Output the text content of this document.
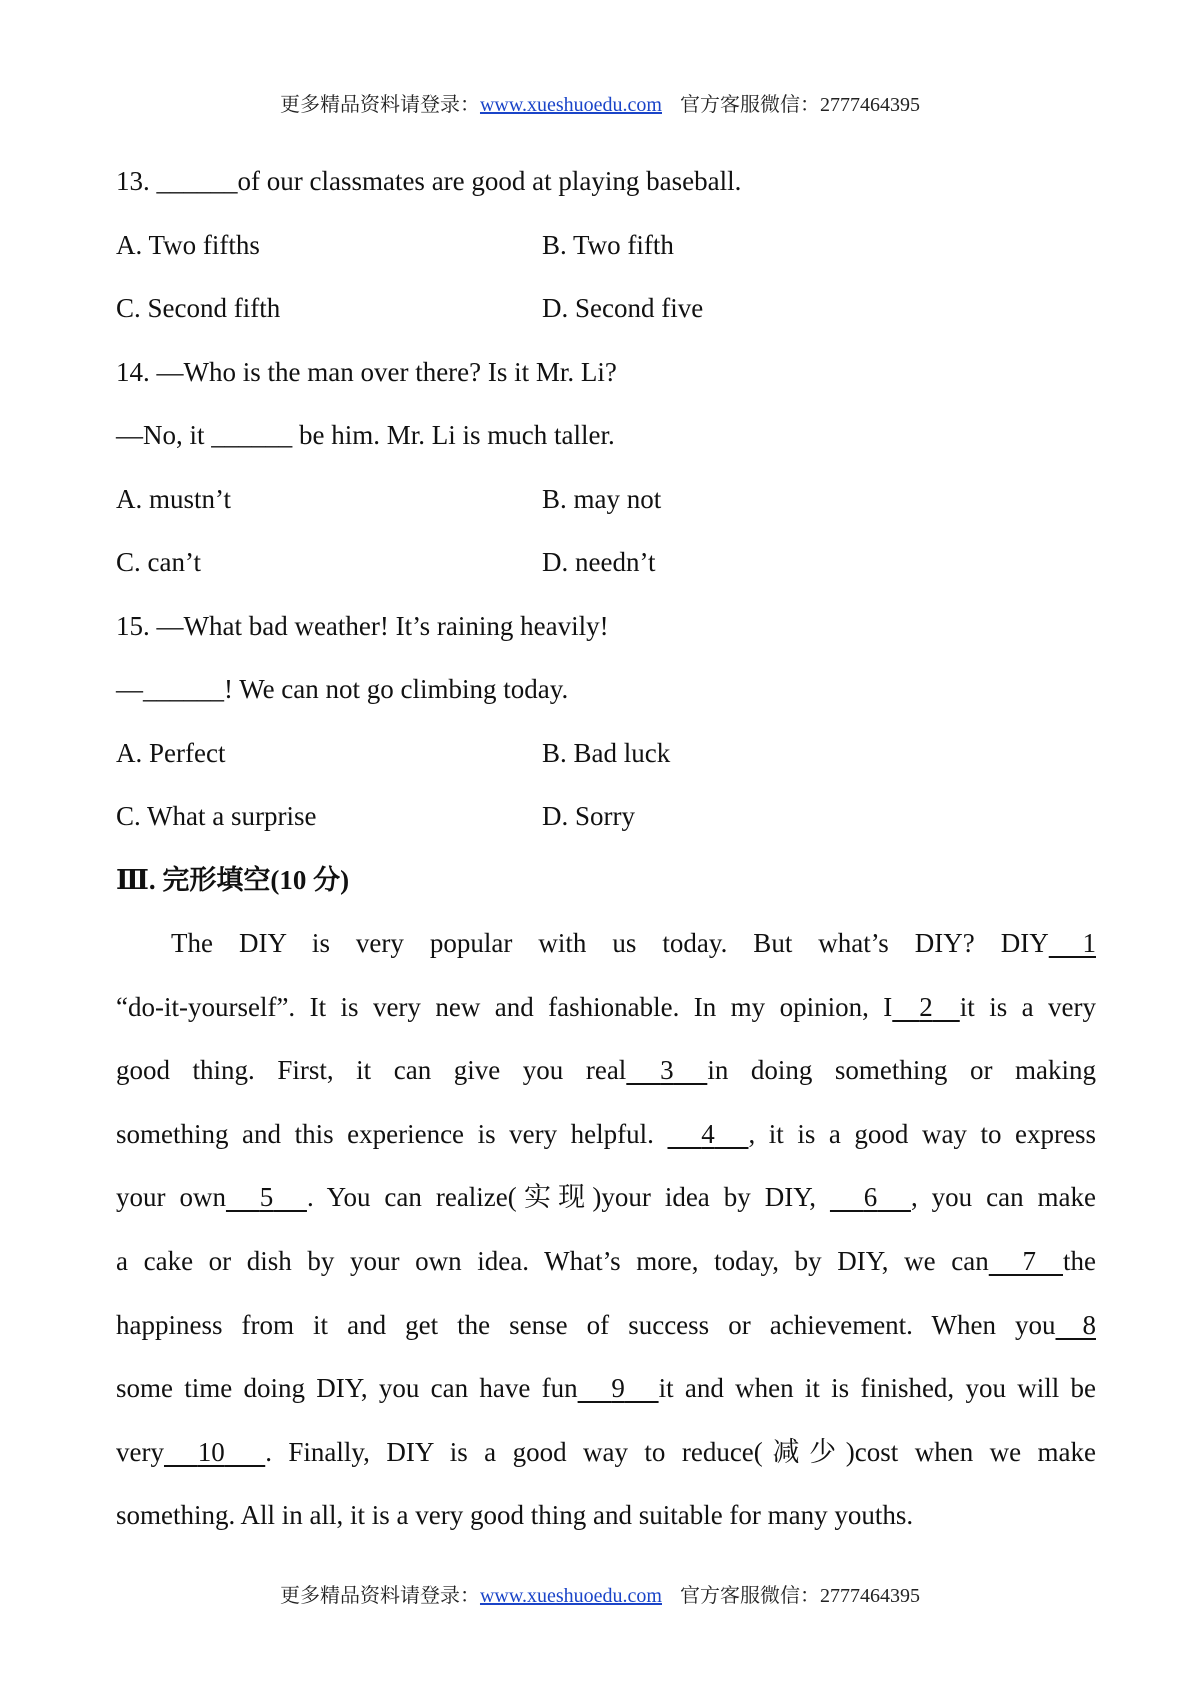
更多精品资料请登录：www.xueshuoedu.com 官方客服微信：2777464395
13. ______of our classmates are good at playing baseball.
A. Two fifths	B. Two fifth
C. Second fifth	D. Second five
14. —Who is the man over there? Is it Mr. Li?
—No, it ______ be him. Mr. Li is much taller.
A. mustn’t	B. may not
C. can’t	D. needn’t
15. —What bad weather! It’s raining heavily!
—______! We can not go climbing today.
A. Perfect	B. Bad luck
C. What a surprise	D. Sorry
Ⅲ. 完形填空(10 分)
The DIY is very popular with us today. But what’s DIY? DIY 1
“do-it-yourself”. It is very new and fashionable. In my opinion, I 2 it is a very
good thing. First, it can give you real 3 in doing something or making
something and this experience is very helpful. 4 , it is a good way to express
your own 5 . You can realize(实现)your idea by DIY, 6 , you can make
a cake or dish by your own idea. What’s more, today, by DIY, we can 7 the
happiness from it and get the sense of success or achievement. When you 8
some time doing DIY, you can have fun 9 it and when it is finished, you will be
very 10 . Finally, DIY is a good way to reduce(减少)cost when we make
something. All in all, it is a very good thing and suitable for many youths.
更多精品资料请登录：www.xueshuoedu.com 官方客服微信：2777464395
